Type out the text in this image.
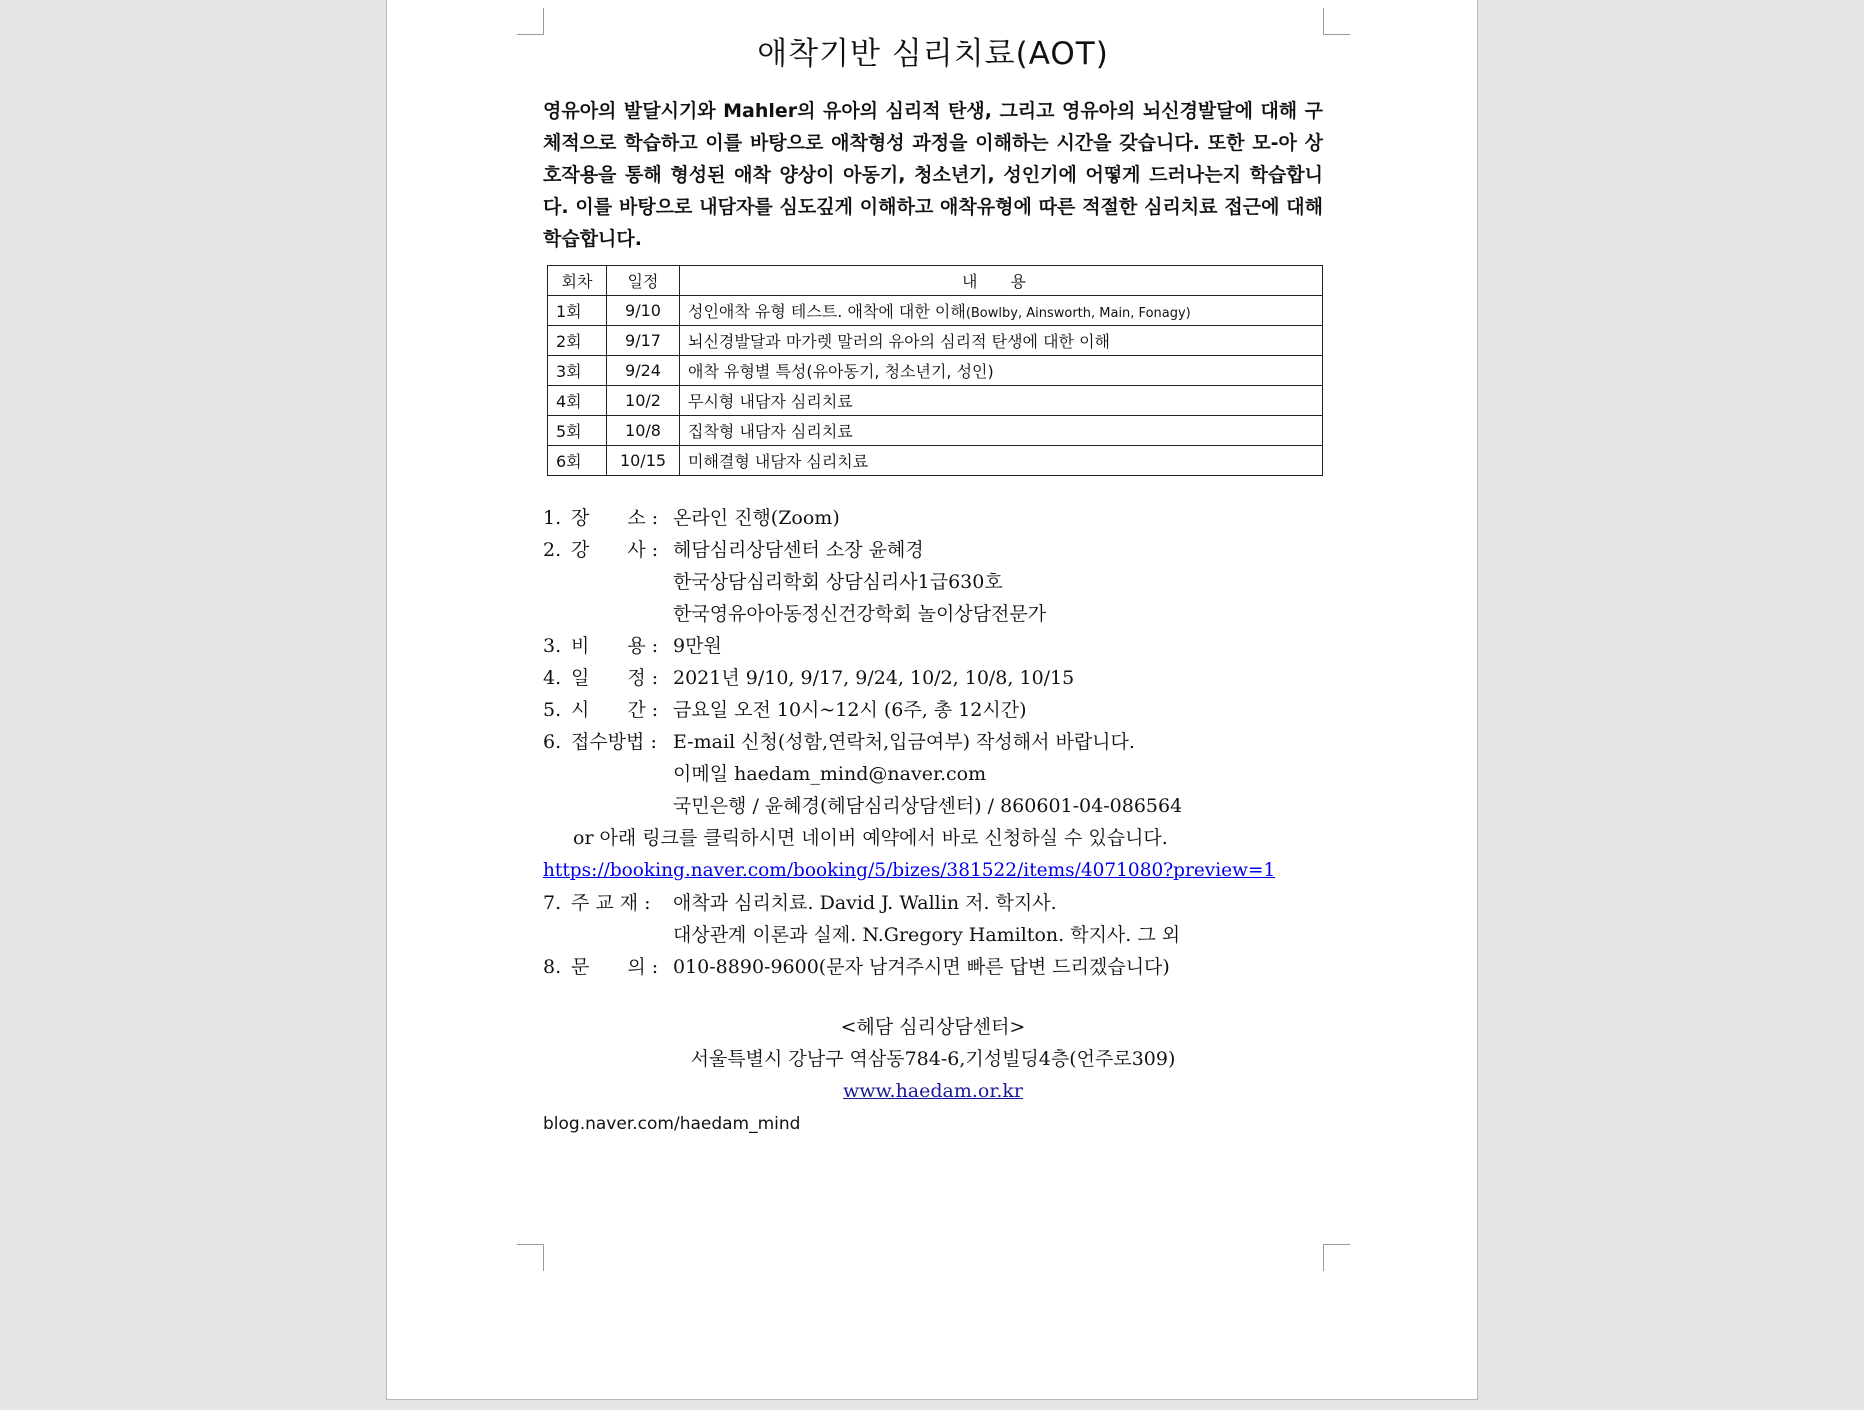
애착기반 심리치료(AOT)

영유아의 발달시기와 Mahler의 유아의 심리적 탄생, 그리고 영유아의 뇌신경발달에 대해 구체적으로 학습하고 이를 바탕으로 애착형성 과정을 이해하는 시간을 갖습니다. 또한 모-아 상호작용을 통해 형성된 애착 양상이 아동기, 청소년기, 성인기에 어떻게 드러나는지 학습합니다. 이를 바탕으로 내담자를 심도깊게 이해하고 애착유형에 따른 적절한 심리치료 접근에 대해 학습합니다.

회차	일정	내 용
1회	9/10	성인애착 유형 테스트. 애착에 대한 이해(Bowlby, Ainsworth, Main, Fonagy)
2회	9/17	뇌신경발달과 마가렛 말러의 유아의 심리적 탄생에 대한 이해
3회	9/24	애착 유형별 특성(유아동기, 청소년기, 성인)
4회	10/2	무시형 내담자 심리치료
5회	10/8	집착형 내담자 심리치료
6회	10/15	미해결형 내담자 심리치료
1. 장　　소 : 온라인 진행(Zoom)
2. 강　　사 : 헤담심리상담센터 소장 윤혜경
한국상담심리학회 상담심리사1급630호
한국영유아아동정신건강학회 놀이상담전문가
3. 비　　용 : 9만원
4. 일　　정 : 2021년 9/10, 9/17, 9/24, 10/2, 10/8, 10/15
5. 시　　간 : 금요일 오전 10시~12시 (6주, 총 12시간)
6. 접수방법 : E-mail 신청(성함,연락처,입금여부) 작성해서 바랍니다.
이메일 haedam_mind@naver.com
국민은행 / 윤혜경(헤담심리상담센터) / 860601-04-086564
or 아래 링크를 클릭하시면 네이버 예약에서 바로 신청하실 수 있습니다.
https://booking.naver.com/booking/5/bizes/381522/items/4071080?preview=1
7. 주 교 재 :	애착과 심리치료. David J. Wallin 저. 학지사.
대상관계 이론과 실제. N.Gregory Hamilton. 학지사. 그 외
8. 문　　의 : 010-8890-9600(문자 남겨주시면 빠른 답변 드리겠습니다)
<헤담 심리상담센터>
서울특별시 강남구 역삼동784-6,기성빌딩4층(언주로309)
www.haedam.or.kr
blog.naver.com/haedam_mind
